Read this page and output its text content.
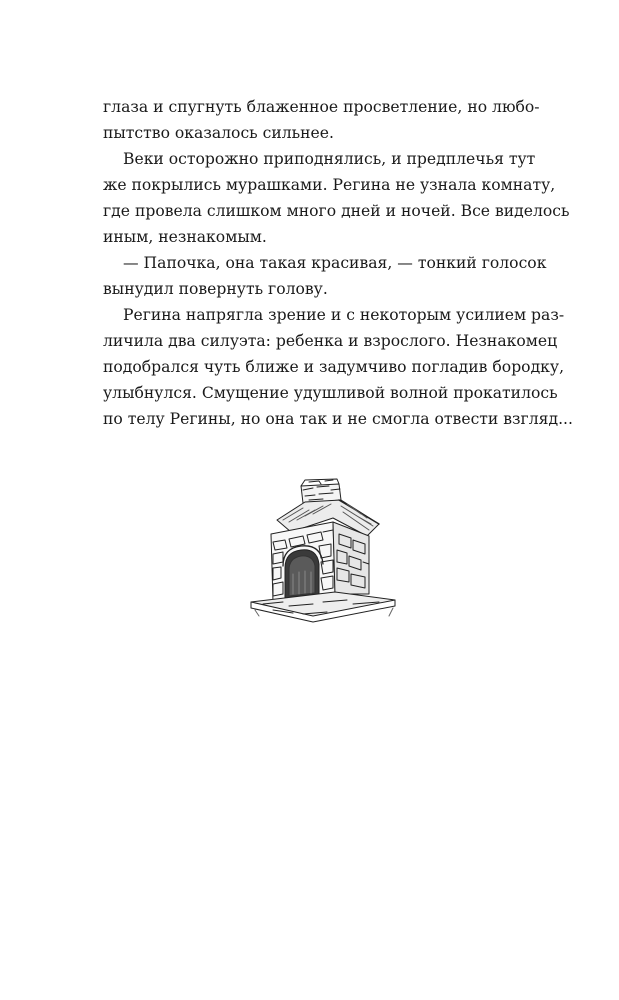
глаза и спугнуть блаженное просветление, но любо-
пытство оказалось сильнее.
Веки осторожно приподнялись, и предплечья тут
же покрылись мурашками. Регина не узнала комнату,
где провела слишком много дней и ночей. Все виделось
иным, незнакомым.
— Папочка, она такая красивая, — тонкий голосок
вынудил повернуть голову.
Регина напрягла зрение и с некоторым усилием раз-
личила два силуэта: ребенка и взрослого. Незнакомец
подобрался чуть ближе и задумчиво погладив бородку,
улыбнулся. Смущение удушливой волной прокатилось
по телу Регины, но она так и не смогла отвести взгляд...
